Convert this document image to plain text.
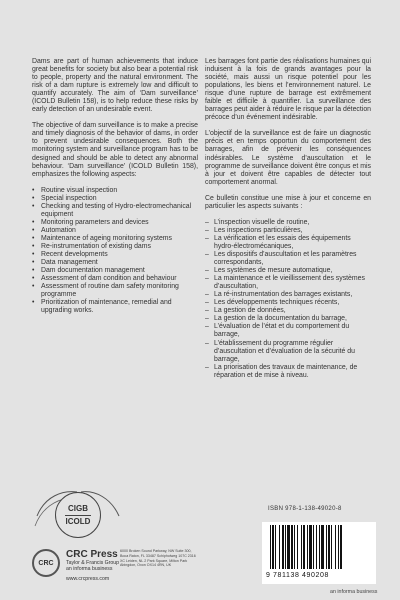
Dams are part of human achievements that induce great benefits for society but also bear a potential risk to people, property and the natural environment. The risk of a dam rupture is extremely low and difficult to quantify accurately. The aim of ‘Dam surveillance’ (ICOLD Bulletin 158), is to help reduce these risks by early detection of an undesirable event.

The objective of dam surveillance is to make a precise and timely diagnosis of the behavior of dams, in order to prevent undesirable consequences. Both the monitoring system and surveillance program has to be designed and should be able to detect any abnormal behaviour. ‘Dam surveillance’ (ICOLD Bulletin 158), emphasizes the following aspects:

• Routine visual inspection
• Special inspection
• Checking and testing of Hydro-electromechanical equipment
• Monitoring parameters and devices
• Automation
• Maintenance of ageing monitoring systems
• Re-instrumentation of existing dams
• Recent developments
• Data management
• Dam documentation management
• Assessment of dam condition and behaviour
• Assessment of routine dam safety monitoring programme
• Prioritization of maintenance, remedial and upgrading works.

Les barrages font partie des réalisations humaines qui induisent à la fois de grands avantages pour la société, mais aussi un risque potentiel pour les populations, les biens et l’environnement naturel. Le risque d’une rupture de barrage est extrêmement faible et difficile à quantifier. La surveillance des barrages peut aider à réduire le risque par la détection précoce d’un événement indésirable.

L’objectif de la surveillance est de faire un diagnostic précis et en temps opportun du comportement des barrages, afin de prévenir les conséquences indésirables. Le système d’auscultation et le programme de surveillance doivent être conçus et mis à jour et doivent être capables de détecter tout comportement anormal.

Ce bulletin constitue une mise à jour et concerne en particulier les aspects suivants :

– L’inspection visuelle de routine,
– Les inspections particulières,
– La vérification et les essais des équipements hydro-électromécaniques,
– Les dispositifs d’auscultation et les paramètres correspondants,
– Les systèmes de mesure automatique,
– La maintenance et le vieillissement des systèmes d’auscultation,
– La ré-instrumentation des barrages existants,
– Les développements techniques récents,
– La gestion de données,
– La gestion de la documentation du barrage,
– L’évaluation de l’état et du comportement du barrage,
– L’établissement du programme régulier d’auscultation et d’évaluation de la sécurité du barrage,
– La priorisation des travaux de maintenance, de réparation et de mise à niveau.
CIGB
ICOLD
CRC
CRC Press
Taylor & Francis Group
an informa business
www.crcpress.com
6000 Broken Sound Parkway, NW Suite 300, Boca Raton, FL 33487 Schipholweg 107C 2316 XC Leiden, NL 2 Park Square, Milton Park Abingdon, Oxon OX14 4RN, UK
ISBN 978-1-138-49020-8
9 781138 490208
an informa business
